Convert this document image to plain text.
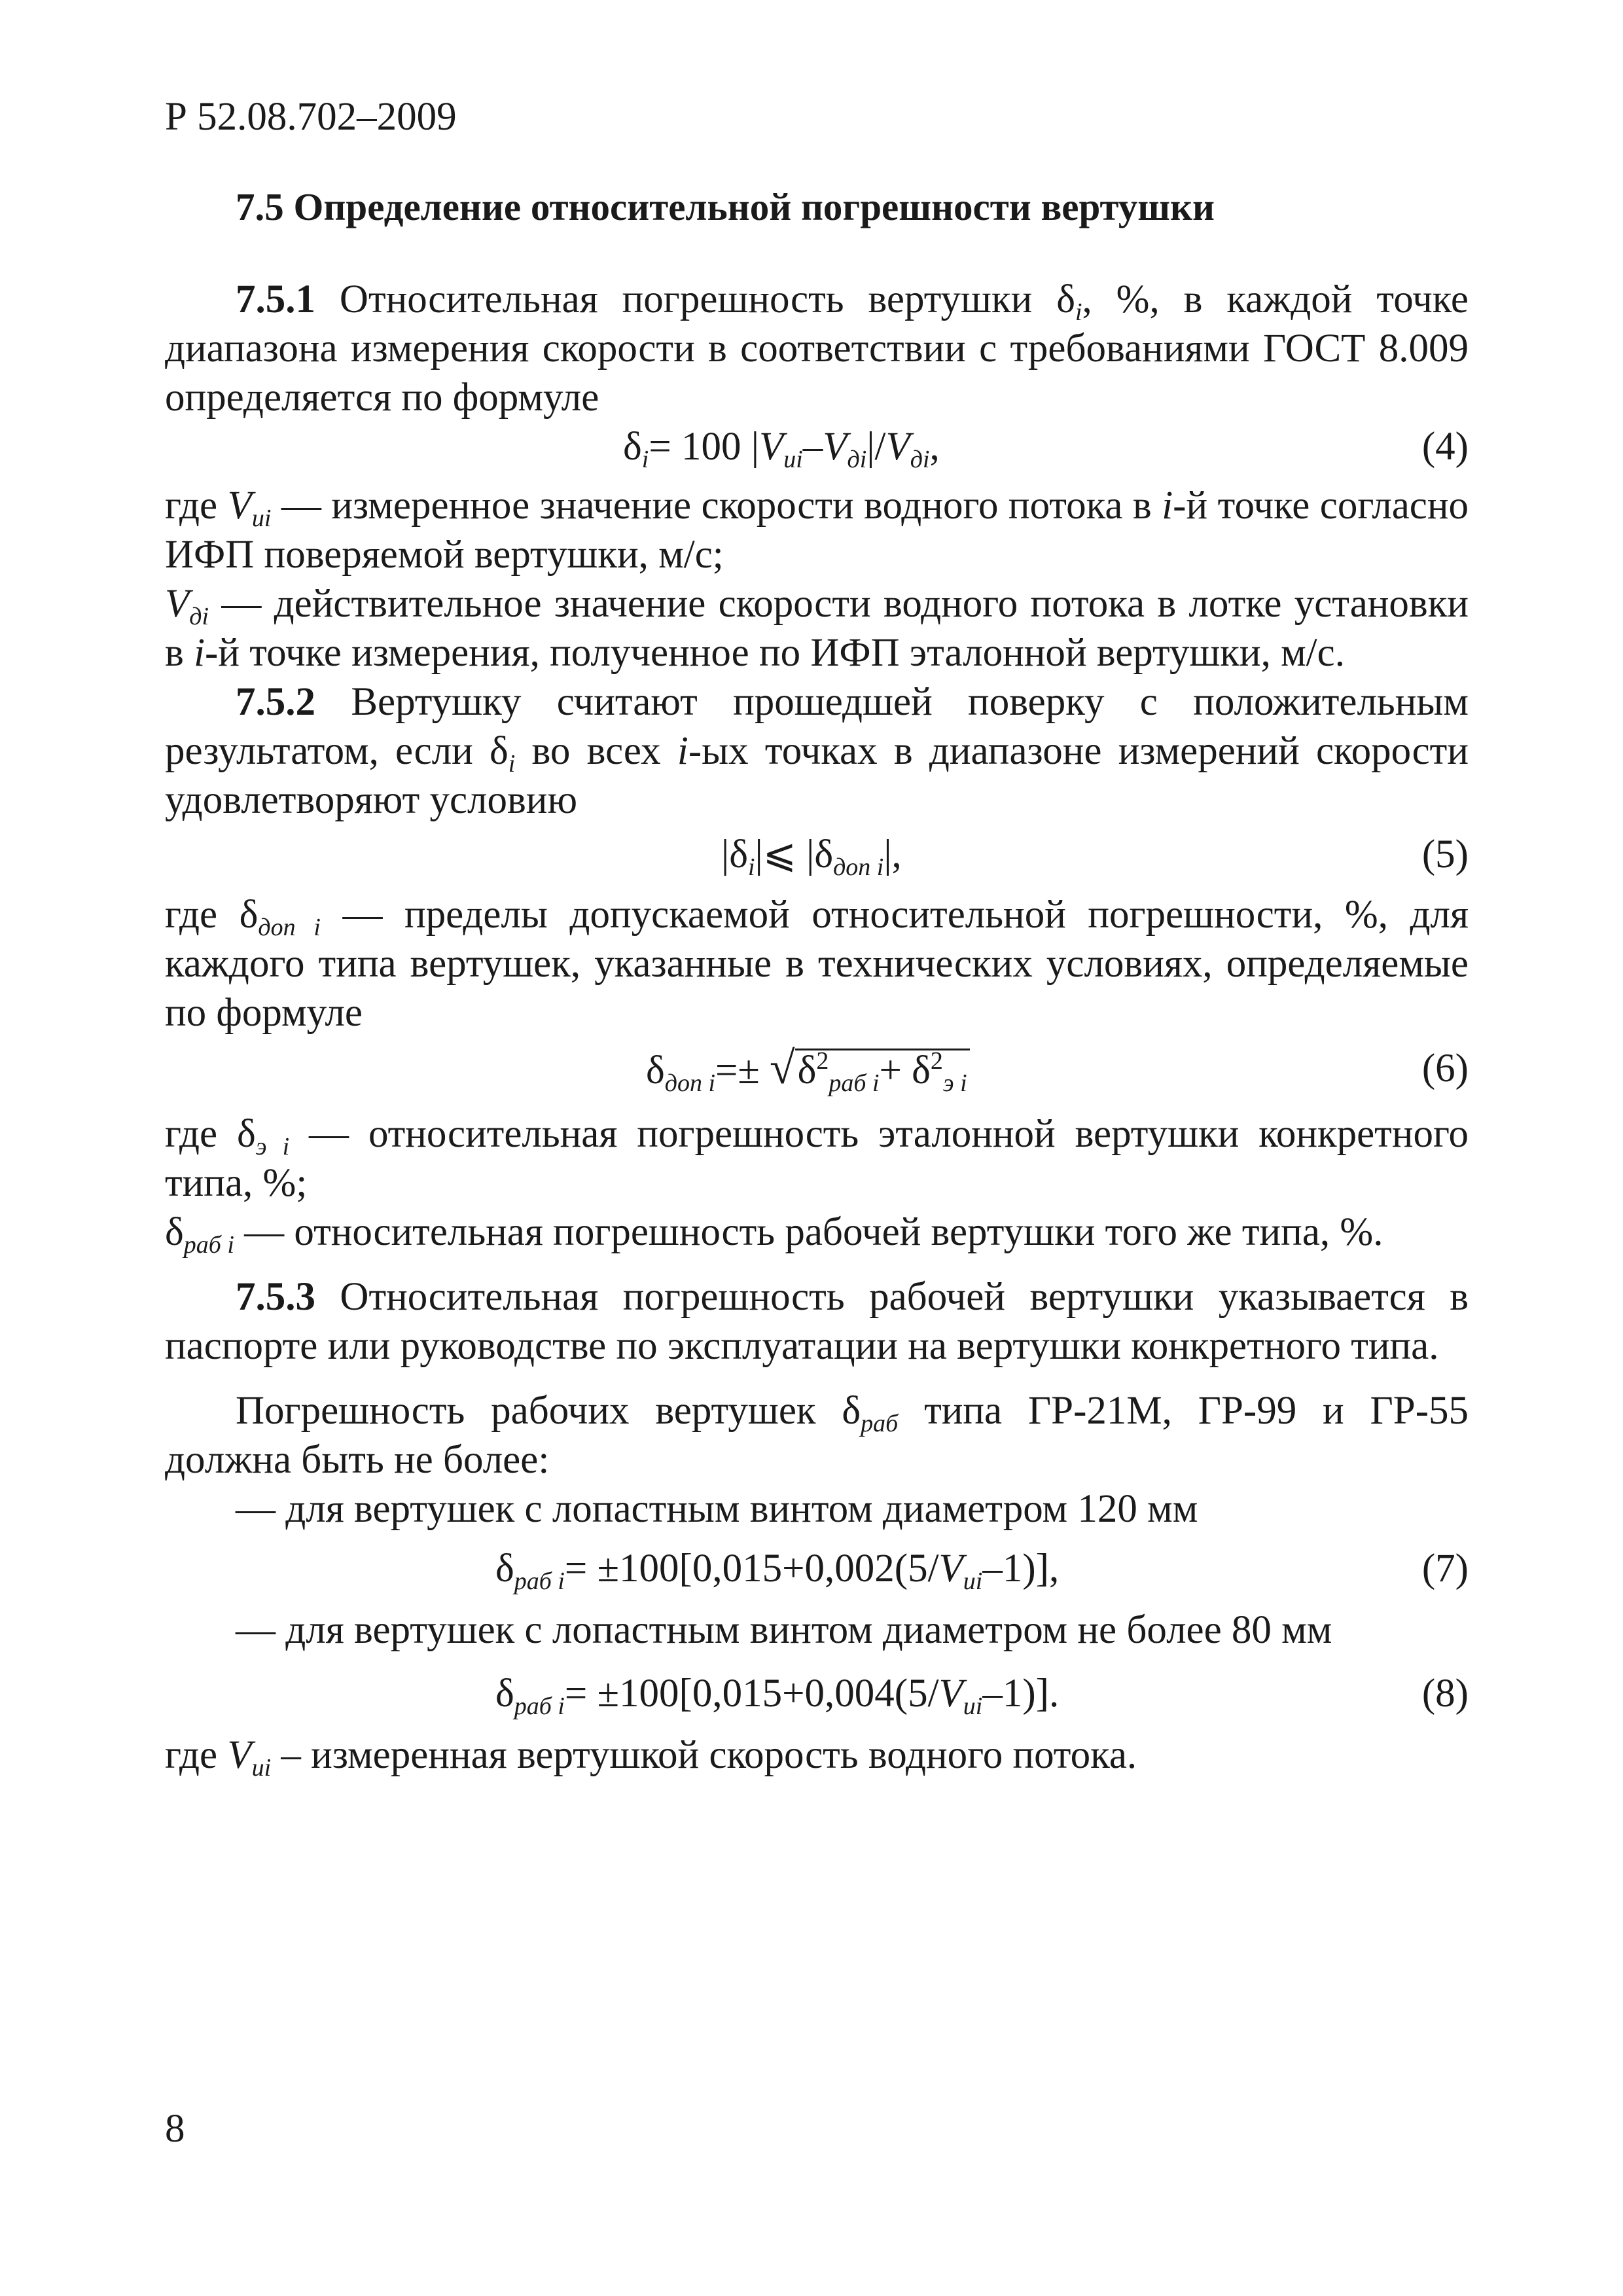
Р 52.08.702–2009
7.5 Определение относительной погрешности вертушки

7.5.1 Относительная погрешность вертушки $\delta_i$, %, в каждой точке диапазона измерения скорости в соответствии с требованиями ГОСТ 8.009 определяется по формуле

$\delta_i= 100$ $|V_{ui}-V_{дi}|/V_{дi}$,	(4)

где $V_{ui}$ — измеренное значение скорости водного потока в i-й точке согласно ИФП поверяемой вертушки, м/с;

$V_{дi}$ — действительное значение скорости водного потока в лотке установки в i-й точке измерения, полученное по ИФП эталонной вертушки, м/с.

7.5.2 Вертушку считают прошедшей поверку с положительным результатом, если $\delta_i$ во всех i-ых точках в диапазоне измерений скорости удовлетворяют условию

$|\delta_i|⩽$ $|\delta_{доп i}|$,	(5)

где $\delta_{доп i}$ — пределы допускаемой относительной погрешности, %, для каждого типа вертушек, указанные в технических условиях, определяемые по формуле

$\delta_{доп i}=\pm √\delta^2_{раб i}+ \delta^2_{э i}$	(6)

где $\delta_{э i}$ — относительная погрешность эталонной вертушки конкретного типа, %;

$\delta_{раб i}$ — относительная погрешность рабочей вертушки того же типа, %.

7.5.3 Относительная погрешность рабочей вертушки указывается в паспорте или руководстве по эксплуатации на вертушки конкретного типа.

Погрешность рабочих вертушек $\delta_{раб}$ типа ГР-21М, ГР-99 и ГР-55 должна быть не более:

— для вертушек с лопастным винтом диаметром 120 мм

$\delta_{раб i}= \pm 100[0,015+0,002(5/V_{ui}-1)]$,	(7)

— для вертушек с лопастным винтом диаметром не более 80 мм

$\delta_{раб i}= \pm 100[0,015+0,004(5/V_{ui}-1)]$.	(8)

где $V_{ui}$ – измеренная вертушкой скорость водного потока.

8
